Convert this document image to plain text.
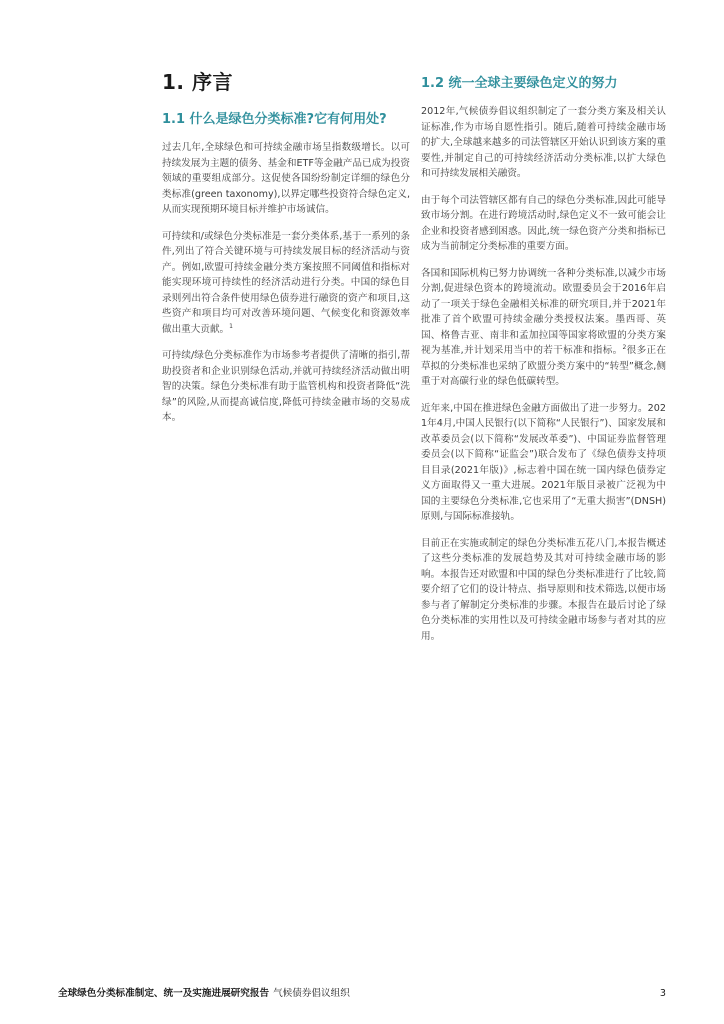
1. 序言
1.1 什么是绿色分类标准?它有何用处?

过去几年,全球绿色和可持续金融市场呈指数级增长。以可持续发展为主题的债务、基金和ETF等金融产品已成为投资领域的重要组成部分。这促使各国纷纷制定详细的绿色分类标准(green taxonomy),以界定哪些投资符合绿色定义,从而实现预期环境目标并维护市场诚信。

可持续和/或绿色分类标准是一套分类体系,基于一系列的条件,列出了符合关键环境与可持续发展目标的经济活动与资产。例如,欧盟可持续金融分类方案按照不同阈值和指标对能实现环境可持续性的经济活动进行分类。中国的绿色目录则列出符合条件使用绿色债券进行融资的资产和项目,这些资产和项目均可对改善环境问题、气候变化和资源效率做出重大贡献。$^1$

可持续/绿色分类标准作为市场参考者提供了清晰的指引,帮助投资者和企业识别绿色活动,并就可持续经济活动做出明智的决策。绿色分类标准有助于监管机构和投资者降低“洗绿”的风险,从而提高诚信度,降低可持续金融市场的交易成本。

1.2 统一全球主要绿色定义的努力

2012年,气候债券倡议组织制定了一套分类方案及相关认证标准,作为市场自愿性指引。随后,随着可持续金融市场的扩大,全球越来越多的司法管辖区开始认识到该方案的重要性,并制定自己的可持续经济活动分类标准,以扩大绿色和可持续发展相关融资。

由于每个司法管辖区都有自己的绿色分类标准,因此可能导致市场分割。在进行跨境活动时,绿色定义不一致可能会让企业和投资者感到困惑。因此,统一绿色资产分类和指标已成为当前制定分类标准的重要方面。

各国和国际机构已努力协调统一各种分类标准,以减少市场分割,促进绿色资本的跨境流动。欧盟委员会于2016年启动了一项关于绿色金融相关标准的研究项目,并于2021年批准了首个欧盟可持续金融分类授权法案。墨西哥、英国、格鲁吉亚、南非和孟加拉国等国家将欧盟的分类方案视为基准,并计划采用当中的若干标准和指标。$^2$很多正在草拟的分类标准也采纳了欧盟分类方案中的“转型”概念,侧重于对高碳行业的绿色低碳转型。

近年来,中国在推进绿色金融方面做出了进一步努力。2021年4月,中国人民银行(以下简称“人民银行”)、国家发展和改革委员会(以下简称“发展改革委”)、中国证券监督管理委员会(以下简称“证监会”)联合发布了《绿色债券支持项目目录(2021年版)》,标志着中国在统一国内绿色债券定义方面取得又一重大进展。2021年版目录被广泛视为中国的主要绿色分类标准,它也采用了“无重大损害”(DNSH)原则,与国际标准接轨。

目前正在实施或制定的绿色分类标准五花八门,本报告概述了这些分类标准的发展趋势及其对可持续金融市场的影响。本报告还对欧盟和中国的绿色分类标准进行了比较,简要介绍了它们的设计特点、指导原则和技术筛选,以便市场参与者了解制定分类标准的步骤。本报告在最后讨论了绿色分类标准的实用性以及可持续金融市场参与者对其的应用。

全球绿色分类标准制定、统一及实施进展研究报告 气候债券倡议组织	3
